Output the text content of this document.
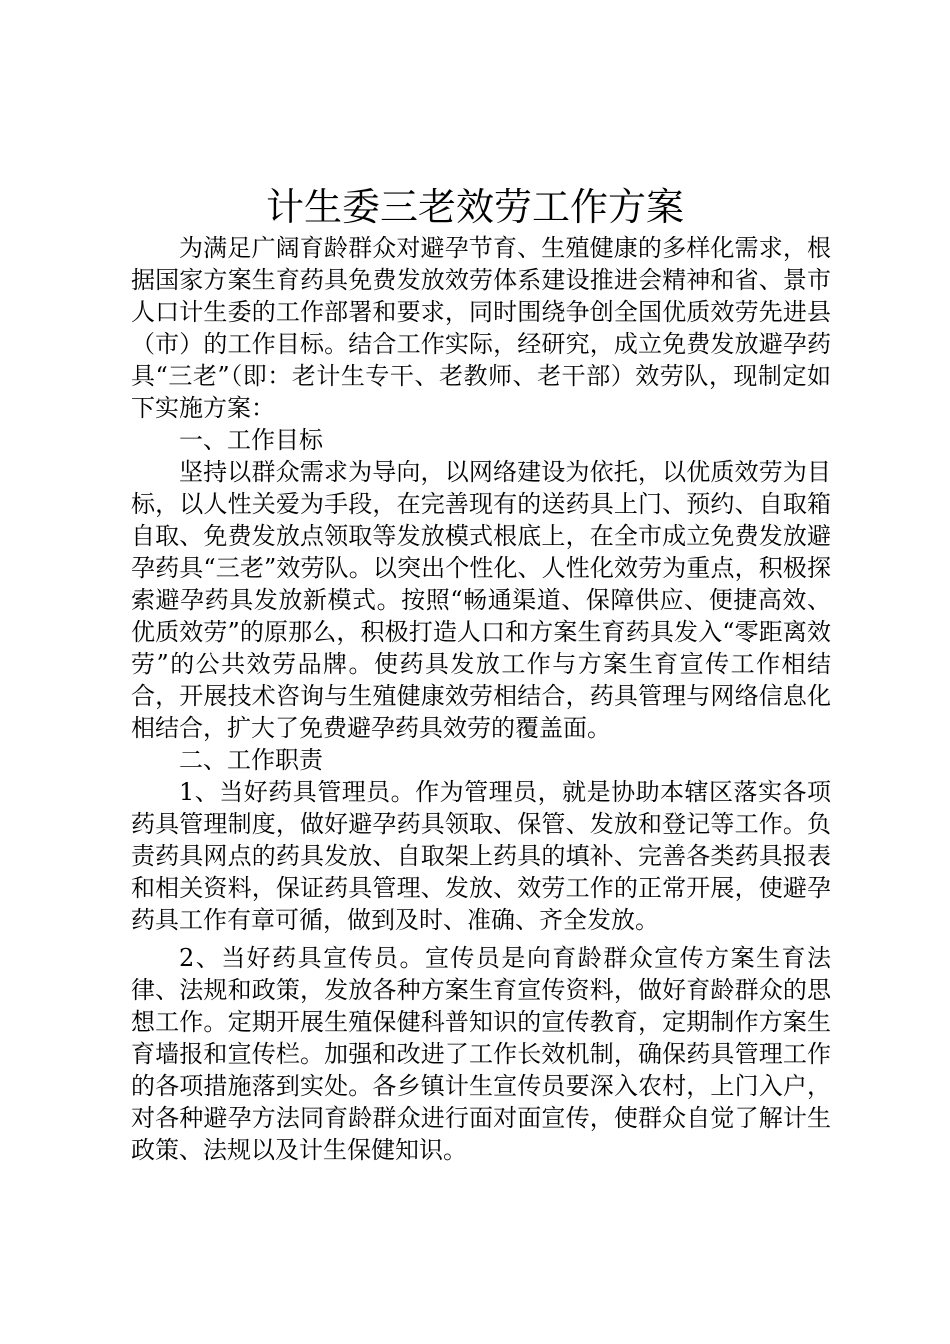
计生委三老效劳工作方案

为满足广阔育龄群众对避孕节育、生殖健康的多样化需求，根据国家方案生育药具免费发放效劳体系建设推进会精神和省、景市人口计生委的工作部署和要求，同时围绕争创全国优质效劳先进县（市）的工作目标。结合工作实际，经研究，成立免费发放避孕药具“三老”（即：老计生专干、老教师、老干部）效劳队，现制定如下实施方案：

一、工作目标

坚持以群众需求为导向，以网络建设为依托，以优质效劳为目标，以人性关爱为手段，在完善现有的送药具上门、预约、自取箱自取、免费发放点领取等发放模式根底上，在全市成立免费发放避孕药具“三老”效劳队。以突出个性化、人性化效劳为重点，积极探索避孕药具发放新模式。按照“畅通渠道、保障供应、便捷高效、优质效劳”的原那么，积极打造人口和方案生育药具发入“零距离效劳”的公共效劳品牌。使药具发放工作与方案生育宣传工作相结合，开展技术咨询与生殖健康效劳相结合，药具管理与网络信息化相结合，扩大了免费避孕药具效劳的覆盖面。

二、工作职责

1、当好药具管理员。作为管理员，就是协助本辖区落实各项药具管理制度，做好避孕药具领取、保管、发放和登记等工作。负责药具网点的药具发放、自取架上药具的填补、完善各类药具报表和相关资料，保证药具管理、发放、效劳工作的正常开展，使避孕药具工作有章可循，做到及时、准确、齐全发放。

2、当好药具宣传员。宣传员是向育龄群众宣传方案生育法律、法规和政策，发放各种方案生育宣传资料，做好育龄群众的思想工作。定期开展生殖保健科普知识的宣传教育，定期制作方案生育墙报和宣传栏。加强和改进了工作长效机制，确保药具管理工作的各项措施落到实处。各乡镇计生宣传员要深入农村，上门入户，对各种避孕方法同育龄群众进行面对面宣传，使群众自觉了解计生政策、法规以及计生保健知识。
